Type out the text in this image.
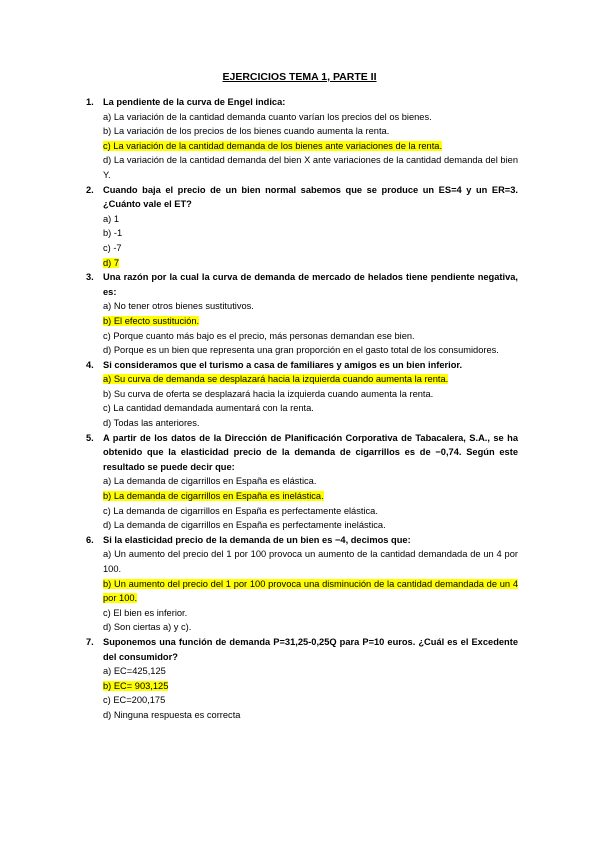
EJERCICIOS TEMA 1, PARTE II
1. La pendiente de la curva de Engel indica:

a) La variación de la cantidad demanda cuanto varían los precios del os bienes.

b) La variación de los precios de los bienes cuando aumenta la renta.

c) La variación de la cantidad demanda de los bienes ante variaciones de la renta.

d) La variación de la cantidad demanda del bien X ante variaciones de la cantidad demanda del bien Y.

2. Cuando baja el precio de un bien normal sabemos que se produce un ES=4 y un ER=3. ¿Cuánto vale el ET?

a) 1

b) -1

c) -7

d) 7

3. Una razón por la cual la curva de demanda de mercado de helados tiene pendiente negativa, es:

a) No tener otros bienes sustitutivos.

b) El efecto sustitución.

c) Porque cuanto más bajo es el precio, más personas demandan ese bien.

d) Porque es un bien que representa una gran proporción en el gasto total de los consumidores.

4. Si consideramos que el turismo a casa de familiares y amigos es un bien inferior.

a) Su curva de demanda se desplazará hacia la izquierda cuando aumenta la renta.

b) Su curva de oferta se desplazará hacia la izquierda cuando aumenta la renta.

c) La cantidad demandada aumentará con la renta.

d) Todas las anteriores.

5. A partir de los datos de la Dirección de Planificación Corporativa de Tabacalera, S.A., se ha obtenido que la elasticidad precio de la demanda de cigarrillos es de −0,74. Según este resultado se puede decir que:

a) La demanda de cigarrillos en España es elástica.

b) La demanda de cigarrillos en España es inelástica.

c) La demanda de cigarrillos en España es perfectamente elástica.

d) La demanda de cigarrillos en España es perfectamente inelástica.

6. Si la elasticidad precio de la demanda de un bien es −4, decimos que:

a) Un aumento del precio del 1 por 100 provoca un aumento de la cantidad demandada de un 4 por 100.

b) Un aumento del precio del 1 por 100 provoca una disminución de la cantidad demandada de un 4 por 100.

c) El bien es inferior.

d) Son ciertas a) y c).

7. Suponemos una función de demanda P=31,25-0,25Q para P=10 euros. ¿Cuál es el Excedente del consumidor?

a) EC=425,125

b) EC= 903,125

c) EC=200,175

d) Ninguna respuesta es correcta
